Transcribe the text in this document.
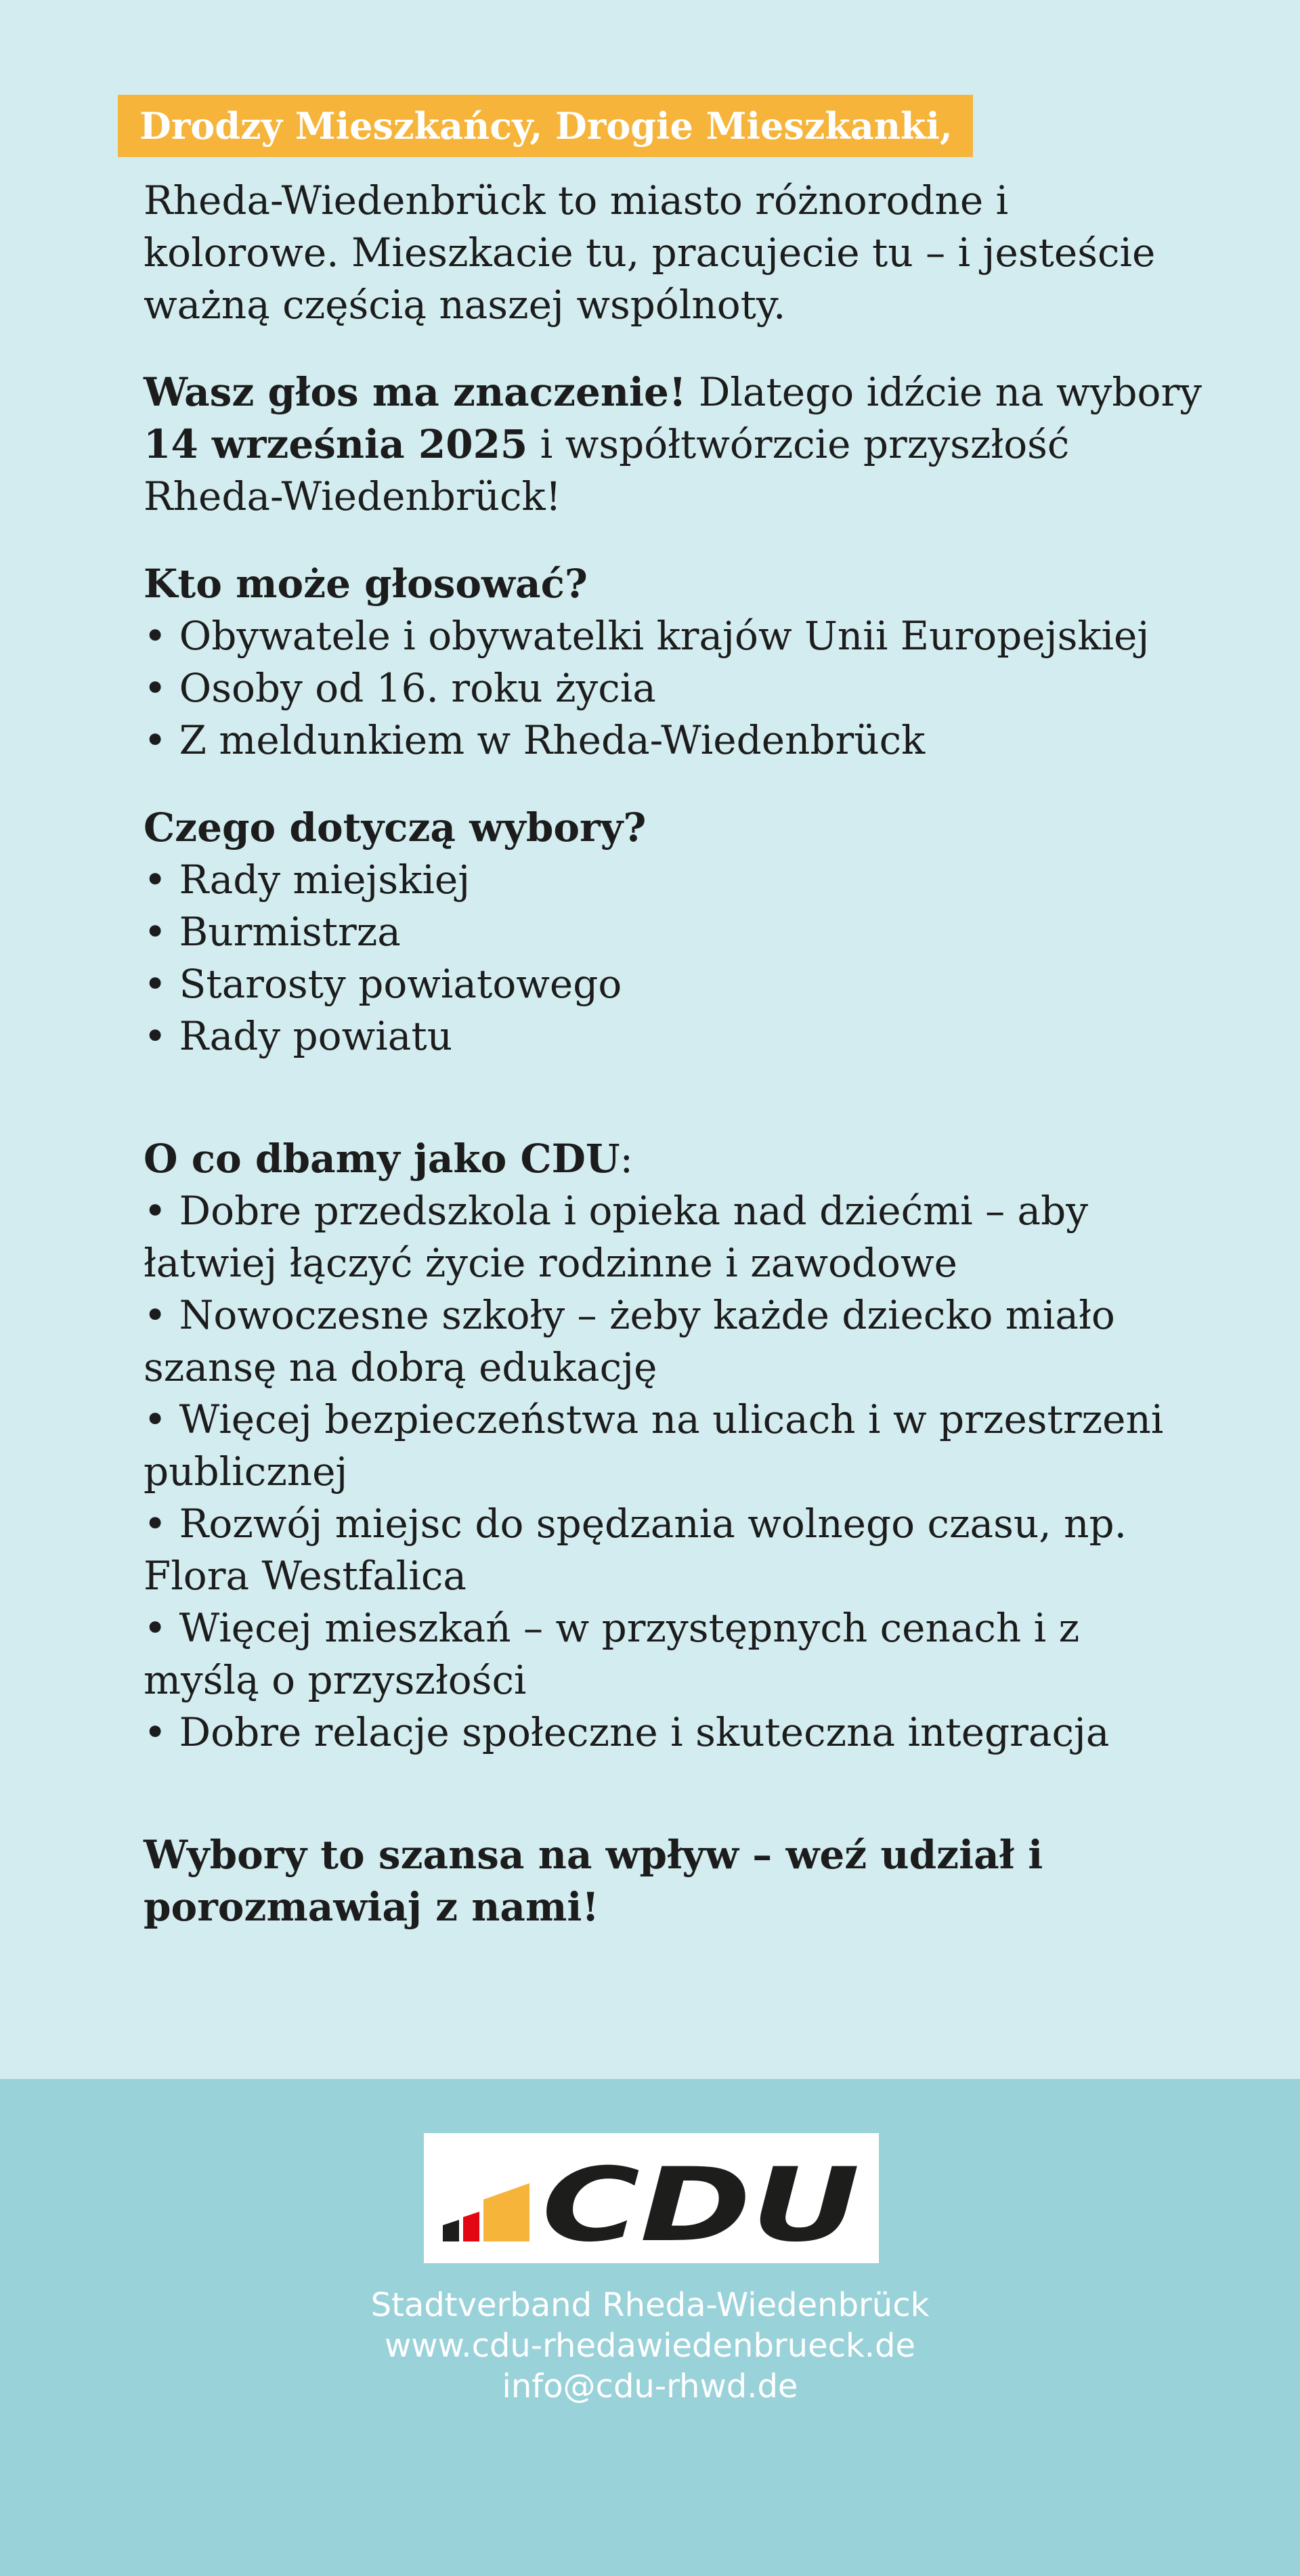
Drodzy Mieszkańcy, Drogie Mieszkanki,

Rheda-Wiedenbrück to miasto różnorodne i
kolorowe. Mieszkacie tu, pracujecie tu – i jesteście
ważną częścią naszej wspólnoty.

Wasz głos ma znaczenie! Dlatego idźcie na wybory
14 września 2025 i współtwórzcie przyszłość
Rheda-Wiedenbrück!

Kto może głosować?
• Obywatele i obywatelki krajów Unii Europejskiej
• Osoby od 16. roku życia
• Z meldunkiem w Rheda-Wiedenbrück

Czego dotyczą wybory?
• Rady miejskiej
• Burmistrza
• Starosty powiatowego
• Rady powiatu

O co dbamy jako CDU:
• Dobre przedszkola i opieka nad dziećmi – aby
łatwiej łączyć życie rodzinne i zawodowe
• Nowoczesne szkoły – żeby każde dziecko miało
szansę na dobrą edukację
• Więcej bezpieczeństwa na ulicach i w przestrzeni
publicznej
• Rozwój miejsc do spędzania wolnego czasu, np.
Flora Westfalica
• Więcej mieszkań – w przystępnych cenach i z
myślą o przyszłości
• Dobre relacje społeczne i skuteczna integracja

Wybory to szansa na wpływ – weź udział i
porozmawiaj z nami!

CDU
Stadtverband Rheda-Wiedenbrück
www.cdu-rhedawiedenbrueck.de
info@cdu-rhwd.de
